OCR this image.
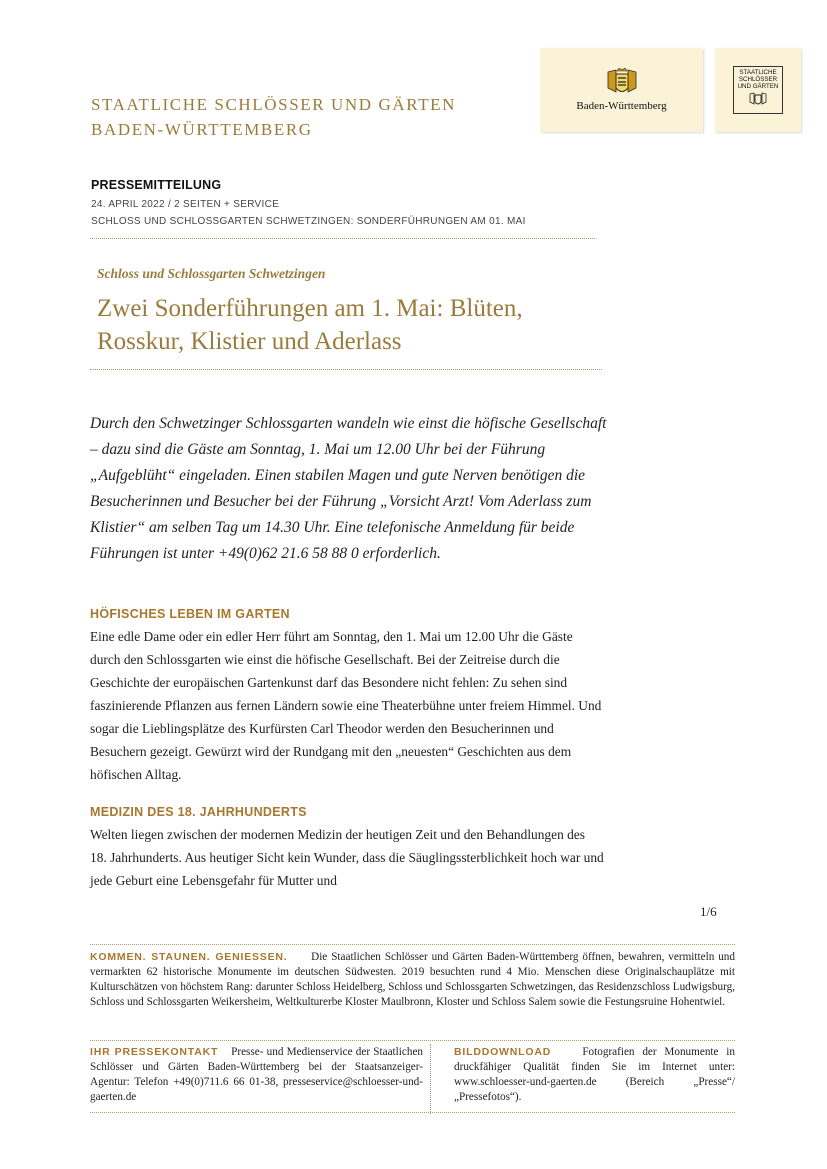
STAATLICHE SCHLÖSSER UND GÄRTEN
BADEN-WÜRTTEMBERG
Baden-Württemberg
STAATLICHE
SCHLÖSSER
UND GÄRTEN
PRESSEMITTEILUNG
24. APRIL 2022 / 2 SEITEN + SERVICE
SCHLOSS UND SCHLOSSGARTEN SCHWETZINGEN: SONDERFÜHRUNGEN AM 01. MAI
Schloss und Schlossgarten Schwetzingen
Zwei Sonderführungen am 1. Mai: Blüten, Rosskur, Klistier und Aderlass
Durch den Schwetzinger Schlossgarten wandeln wie einst die höfische Gesellschaft – dazu sind die Gäste am Sonntag, 1. Mai um 12.00 Uhr bei der Führung „Aufgeblüht“ eingeladen. Einen stabilen Magen und gute Nerven benötigen die Besucherinnen und Besucher bei der Führung „Vorsicht Arzt! Vom Aderlass zum Klistier“ am selben Tag um 14.30 Uhr. Eine telefonische Anmeldung für beide Führungen ist unter +49(0)62 21.6 58 88 0 erforderlich.
HÖFISCHES LEBEN IM GARTEN
Eine edle Dame oder ein edler Herr führt am Sonntag, den 1. Mai um 12.00 Uhr die Gäste durch den Schlossgarten wie einst die höfische Gesellschaft. Bei der Zeitreise durch die Geschichte der europäischen Gartenkunst darf das Besondere nicht fehlen: Zu sehen sind faszinierende Pflanzen aus fernen Ländern sowie eine Theaterbühne unter freiem Himmel. Und sogar die Lieblingsplätze des Kurfürsten Carl Theodor werden den Besucherinnen und Besuchern gezeigt. Gewürzt wird der Rundgang mit den „neuesten“ Geschichten aus dem höfischen Alltag.
MEDIZIN DES 18. JAHRHUNDERTS
Welten liegen zwischen der modernen Medizin der heutigen Zeit und den Behandlungen des 18. Jahrhunderts. Aus heutiger Sicht kein Wunder, dass die Säuglingssterblichkeit hoch war und jede Geburt eine Lebensgefahr für Mutter und
1/6
KOMMEN. STAUNEN. GENIESSEN. Die Staatlichen Schlösser und Gärten Baden-Württemberg öffnen, bewahren, vermitteln und vermarkten 62 historische Monumente im deutschen Südwesten. 2019 besuchten rund 4 Mio. Menschen diese Originalschauplätze mit Kulturschätzen von höchstem Rang: darunter Schloss Heidelberg, Schloss und Schlossgarten Schwetzingen, das Residenzschloss Ludwigsburg, Schloss und Schlossgarten Weikersheim, Weltkulturerbe Kloster Maulbronn, Kloster und Schloss Salem sowie die Festungsruine Hohentwiel.
IHR PRESSEKONTAKT Presse- und Medienservice der Staatlichen Schlösser und Gärten Baden-Württemberg bei der Staatsanzeiger-Agentur: Telefon +49(0)711.6 66 01-38, presseservice@schloesser-und-gaerten.de
BILDDOWNLOAD	Fotografien der Monumente in druckfähiger Qualität finden Sie im Internet unter: www.schloesser-und-gaerten.de (Bereich „Presse“/„Pressefotos“).
